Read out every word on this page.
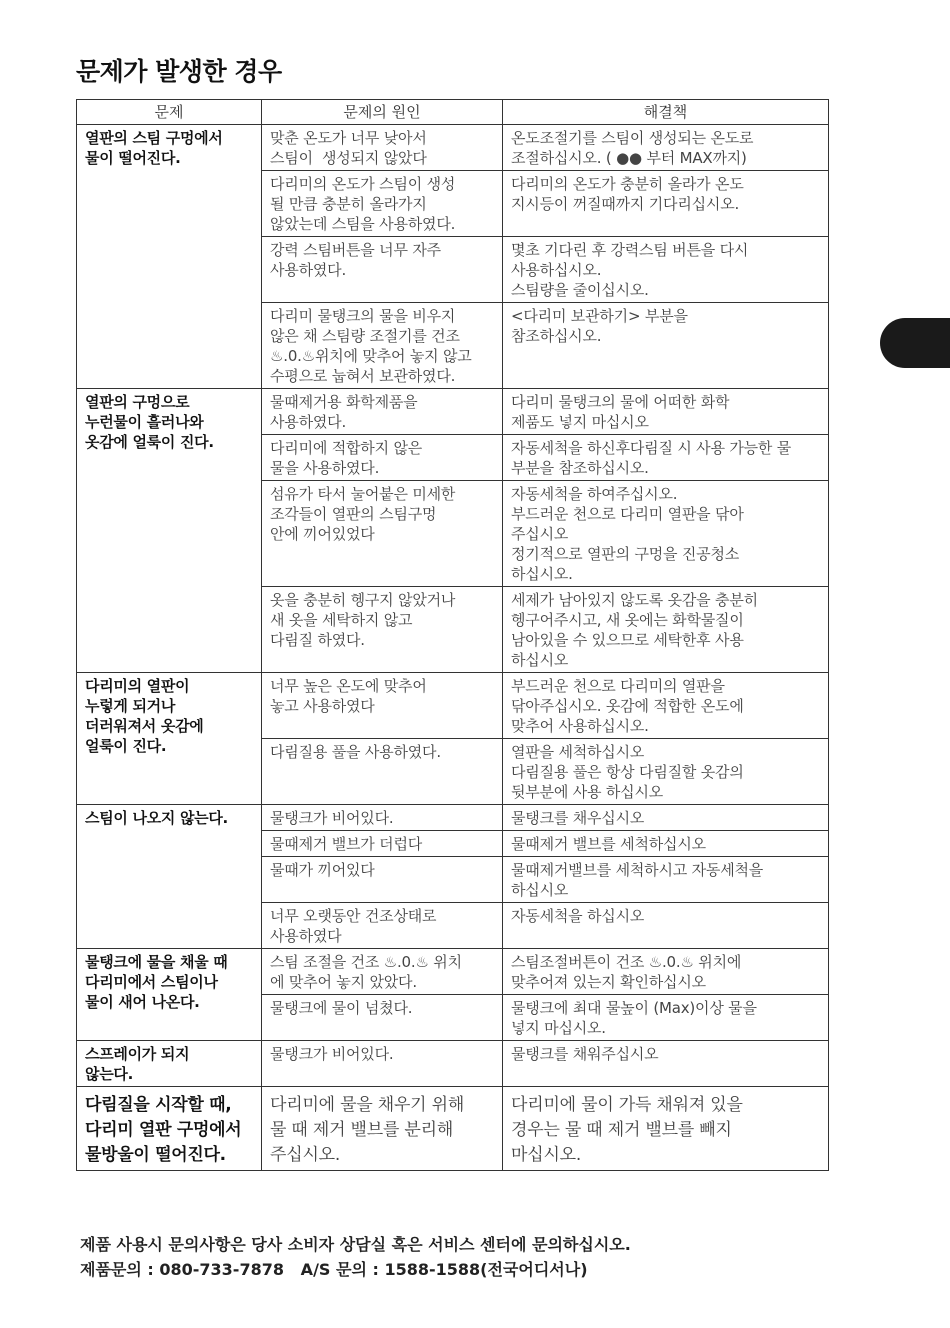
문제가 발생한 경우
문제	문제의 원인	해결책

열판의 스팀 구멍에서
물이 떨어진다.	맞춘 온도가 너무 낮아서
스팀이  생성되지 않았다	온도조절기를 스팀이 생성되는 온도로
조절하십시오. ( ●● 부터 MAX까지)

	다리미의 온도가 스팀이 생성
될 만큼 충분히 올라가지
않았는데 스팀을 사용하였다.	다리미의 온도가 충분히 올라가 온도
지시등이 꺼질때까지 기다리십시오.

	강력 스팀버튼을 너무 자주
사용하였다.	몇초 기다린 후 강력스팀 버튼을 다시
사용하십시오.
스팀량을 줄이십시오.

	다리미 물탱크의 물을 비우지
않은 채 스팀량 조절기를 건조
♨.0.♨위치에 맞추어 놓지 않고
수평으로 눕혀서 보관하였다.	<다리미 보관하기> 부분을
참조하십시오.

열판의 구멍으로
누런물이 흘러나와
옷감에 얼룩이 진다.	물때제거용 화학제품을
사용하였다.	다리미 물탱크의 물에 어떠한 화학
제품도 넣지 마십시오

	다리미에 적합하지 않은
물을 사용하였다.	자동세척을 하신후다림질 시 사용 가능한 물
부분을 참조하십시오.

	섬유가 타서 눌어붙은 미세한
조각들이 열판의 스팀구멍
안에 끼어있었다	자동세척을 하여주십시오.
부드러운 천으로 다리미 열판을 닦아
주십시오
정기적으로 열판의 구멍을 진공청소
하십시오.

	옷을 충분히 헹구지 않았거나
새 옷을 세탁하지 않고
다림질 하였다.	세제가 남아있지 않도록 옷감을 충분히
헹구어주시고, 새 옷에는 화학물질이
남아있을 수 있으므로 세탁한후 사용
하십시오

다리미의 열판이
누렇게 되거나
더러워져서 옷감에
얼룩이 진다.	너무 높은 온도에 맞추어
놓고 사용하였다	부드러운 천으로 다리미의 열판을
닦아주십시오. 옷감에 적합한 온도에
맞추어 사용하십시오.

	다림질용 풀을 사용하였다.	열판을 세척하십시오
다림질용 풀은 항상 다림질할 옷감의
뒷부분에 사용 하십시오

스팀이 나오지 않는다.	물탱크가 비어있다.	물탱크를 채우십시오

	물때제거 밸브가 더럽다	물때제거 밸브를 세척하십시오

	물때가 끼어있다	물때제거밸브를 세척하시고 자동세척을
하십시오

	너무 오랫동안 건조상태로
사용하였다	자동세척을 하십시오

물탱크에 물을 채울 때
다리미에서 스팀이나
물이 새어 나온다.	스팀 조절을 건조 ♨.0.♨ 위치
에 맞추어 놓지 았았다.	스팀조절버튼이 건조 ♨.0.♨ 위치에
맞추어져 있는지 확인하십시오

	물탱크에 물이 넘쳤다.	물탱크에 최대 물높이 (Max)이상 물을
넣지 마십시오.

스프레이가 되지
않는다.	물탱크가 비어있다.	물탱크를 채워주십시오

다림질을 시작할 때,
다리미 열판 구멍에서
물방울이 떨어진다.	다리미에 물을 채우기 위해
물 때 제거 밸브를 분리해
주십시오.	다리미에 물이 가득 채워져 있을
경우는 물 때 제거 밸브를 빼지
마십시오.
제품 사용시 문의사항은 당사 소비자 상담실 혹은 서비스 센터에 문의하십시오.
제품문의 : 080-733-7878   A/S 문의 : 1588-1588(전국어디서나)
